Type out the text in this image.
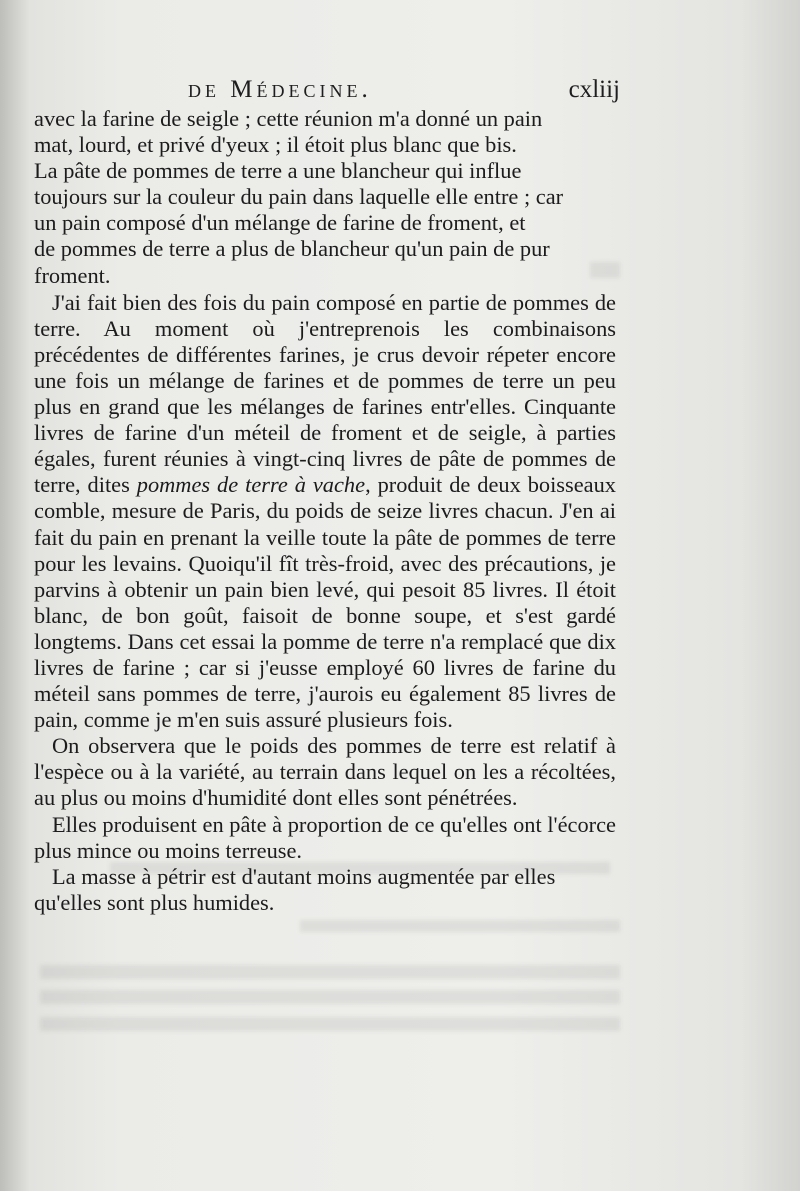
de Médecine.	cxliij

avec la farine de seigle ; cette réunion m'a donné un pain
mat, lourd, et privé d'yeux ; il étoit plus blanc que bis.
La pâte de pommes de terre a une blancheur qui influe
toujours sur la couleur du pain dans laquelle elle entre ; car
un pain composé d'un mélange de farine de froment, et
de pommes de terre a plus de blancheur qu'un pain de pur
froment.

J'ai fait bien des fois du pain composé en partie de pommes de terre. Au moment où j'entreprenois les combinaisons précédentes de différentes farines, je crus devoir répeter encore une fois un mélange de farines et de pommes de terre un peu plus en grand que les mélanges de farines entr'elles. Cinquante livres de farine d'un méteil de froment et de seigle, à parties égales, furent réunies à vingt-cinq livres de pâte de pommes de terre, dites pommes de terre à vache, produit de deux boisseaux comble, mesure de Paris, du poids de seize livres chacun. J'en ai fait du pain en prenant la veille toute la pâte de pommes de terre pour les levains. Quoiqu'il fît très-froid, avec des précautions, je parvins à obtenir un pain bien levé, qui pesoit 85 livres. Il étoit blanc, de bon goût, faisoit de bonne soupe, et s'est gardé longtems. Dans cet essai la pomme de terre n'a remplacé que dix livres de farine ; car si j'eusse employé 60 livres de farine du méteil sans pommes de terre, j'aurois eu également 85 livres de pain, comme je m'en suis assuré plusieurs fois.

On observera que le poids des pommes de terre est relatif à l'espèce ou à la variété, au terrain dans lequel on les a récoltées, au plus ou moins d'humidité dont elles sont pénétrées.

Elles produisent en pâte à proportion de ce qu'elles ont l'écorce plus mince ou moins terreuse.

La masse à pétrir est d'autant moins augmentée par elles qu'elles sont plus humides.
